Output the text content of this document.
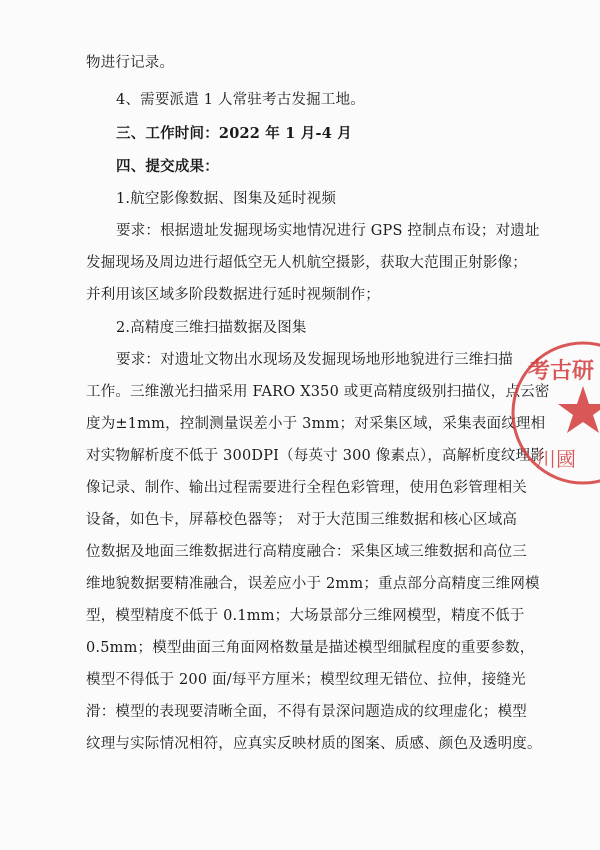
物进行记录。
4、需要派遣 1 人常驻考古发掘工地。
三、工作时间：2022 年 1 月-4 月
四、提交成果：
1.航空影像数据、图集及延时视频
要求：根据遗址发掘现场实地情况进行 GPS 控制点布设；对遗址
发掘现场及周边进行超低空无人机航空摄影，获取大范围正射影像；
并利用该区域多阶段数据进行延时视频制作；
2.高精度三维扫描数据及图集
要求：对遗址文物出水现场及发掘现场地形地貌进行三维扫描
工作。三维激光扫描采用 FARO X350 或更高精度级别扫描仪，点云密
度为±1mm，控制测量误差小于 3mm；对采集区域，采集表面纹理相
对实物解析度不低于 300DPI（每英寸 300 像素点），高解析度纹理影
像记录、制作、输出过程需要进行全程色彩管理，使用色彩管理相关
设备，如色卡，屏幕校色器等； 对于大范围三维数据和核心区域高
位数据及地面三维数据进行高精度融合：采集区域三维数据和高位三
维地貌数据要精准融合，误差应小于 2mm；重点部分高精度三维网模
型，模型精度不低于 0.1mm；大场景部分三维网模型，精度不低于
0.5mm；模型曲面三角面网格数量是描述模型细腻程度的重要参数，
模型不得低于 200 面/每平方厘米；模型纹理无错位、拉伸，接缝光
滑：模型的表现要清晰全面，不得有景深问题造成的纹理虚化；模型
纹理与实际情况相符，应真实反映材质的图案、质感、颜色及透明度。
考古研
川國
